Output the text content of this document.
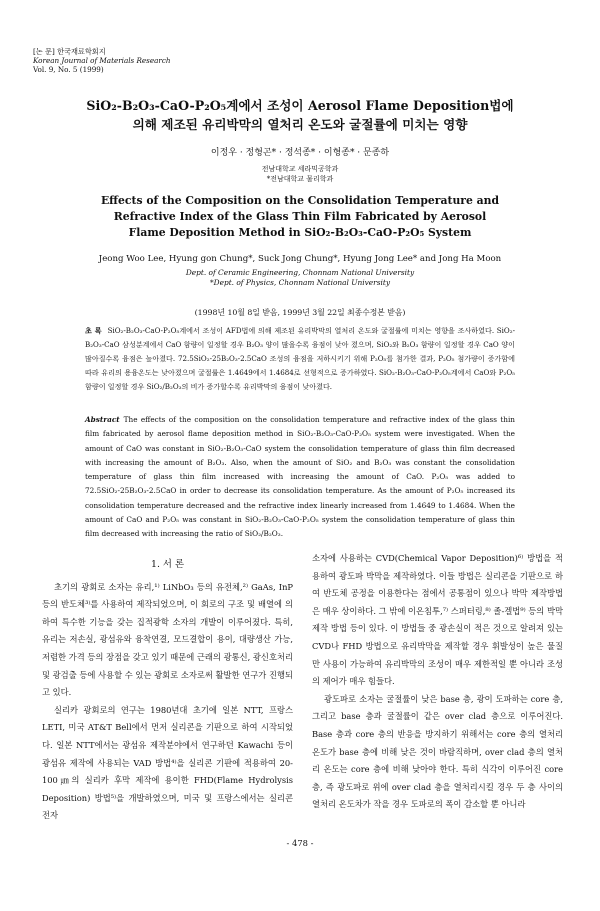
[논 문] 한국재료학회지
Korean Journal of Materials Research
Vol. 9, No. 5 (1999)
SiO₂-B₂O₃-CaO-P₂O₅계에서 조성이 Aerosol Flame Deposition법에
의해 제조된 유리박막의 열처리 온도와 굴절률에 미치는 영향
이정우 · 정형곤* · 정석종* · 이형종* · 문종하
전남대학교 세라믹공학과
*전남대학교 물리학과
Effects of the Composition on the Consolidation Temperature and
Refractive Index of the Glass Thin Film Fabricated by Aerosol
Flame Deposition Method in SiO₂-B₂O₃-CaO-P₂O₅ System
Jeong Woo Lee, Hyung gon Chung*, Suck Jong Chung*, Hyung Jong Lee* and Jong Ha Moon
Dept. of Ceramic Engineering, Chonnam National University
*Dept. of Physics, Chonnam National University
(1998년 10월 8일 받음, 1999년 3월 22일 최종수정본 받음)
초 록 SiO₂-B₂O₃-CaO-P₂O₅계에서 조성이 AFD법에 의해 제조된 유리박막의 열처리 온도와 굴절률에 미치는 영향을 조사하였다. SiO₂-B₂O₃-CaO 삼성분계에서 CaO 함량이 일정할 경우 B₂O₃ 양이 많을수록 융점이 낮아 졌으며, SiO₂와 B₂O₃ 함량이 일정할 경우 CaO 양이 많아질수록 융점은 높아졌다. 72.5SiO₂-25B₂O₃-2.5CaO 조성의 융점을 저하시키기 위해 P₂O₅를 첨가한 결과, P₂O₅ 첨가량이 증가함에 따라 유리의 용융온도는 낮아졌으며 굴절률은 1.4649에서 1.4684로 선형적으로 증가하였다. SiO₂-B₂O₃-CaO-P₂O₅계에서 CaO와 P₂O₅ 함량이 일정할 경우 SiO₂/B₂O₃의 비가 증가할수록 유리박막의 융점이 낮아졌다.
Abstract The effects of the composition on the consolidation temperature and refractive index of the glass thin film fabricated by aerosol flame deposition method in SiO₂-B₂O₃-CaO-P₂O₅ system were investigated. When the amount of CaO was constant in SiO₂-B₂O₃-CaO system the consolidation temperature of glass thin film decreased with increasing the amount of B₂O₃. Also, when the amount of SiO₂ and B₂O₃ was constant the consolidation temperature of glass thin film increased with increasing the amount of CaO. P₂O₅ was added to 72.5SiO₂-25B₂O₃-2.5CaO in order to decrease its consolidation temperature. As the amount of P₂O₅ increased its consolidation temperature decreased and the refractive index linearly increased from 1.4649 to 1.4684. When the amount of CaO and P₂O₅ was constant in SiO₂-B₂O₃-CaO-P₂O₅ system the consolidation temperature of glass thin film decreased with increasing the ratio of SiO₂/B₂O₃.
1. 서 론

초기의 광회로 소자는 유리,¹⁾ LiNbO₃ 등의 유전체,²⁾ GaAs, InP 등의 반도체³⁾를 사용하여 제작되었으며, 이 회로의 구조 및 배열에 의하여 특수한 기능을 갖는 집적광학 소자의 개발이 이루어졌다. 특히, 유리는 저손실, 광섬유와 융착연결, 모드결합이 용이, 대량생산 가능, 저렴한 가격 등의 장점을 갖고 있기 때문에 근래의 광통신, 광신호처리 및 광검출 등에 사용할 수 있는 광회로 소자로써 활발한 연구가 진행되고 있다.

실리카 광회로의 연구는 1980년대 초기에 일본 NTT, 프랑스 LETI, 미국 AT&T Bell에서 먼저 실리콘을 기판으로 하여 시작되었다. 일본 NTT에서는 광섬유 제작분야에서 연구하던 Kawachi 등이 광섬유 제작에 사용되는 VAD 방법⁴⁾을 실리콘 기판에 적용하여 20-100㎛의 실리카 후막 제작에 용이한 FHD(Flame Hydrolysis Deposition) 방법⁵⁾을 개발하였으며, 미국 및 프랑스에서는 실리콘 전자

소자에 사용하는 CVD(Chemical Vapor Deposition)⁶⁾ 방법을 적용하여 광도파 박막을 제작하였다. 이들 방법은 실리콘을 기판으로 하여 반도체 공정을 이용한다는 점에서 공통점이 있으나 박막 제작방법은 매우 상이하다. 그 밖에 이온침투,⁷⁾ 스퍼터링,⁸⁾ 졸-겔법⁹⁾ 등의 박막제작 방법 등이 있다. 이 방법들 중 광손실이 적은 것으로 알려져 있는 CVD나 FHD 방법으로 유리박막을 제작할 경우 휘발성이 높은 물질만 사용이 가능하여 유리박막의 조성이 매우 제한적일 뿐 아니라 조성의 제어가 매우 힘들다.

광도파로 소자는 굴절률이 낮은 base 층, 광이 도파하는 core 층, 그리고 base 층과 굴절률이 같은 over clad 층으로 이루어진다. Base 층과 core 층의 반응을 방지하기 위해서는 core 층의 열처리 온도가 base 층에 비해 낮은 것이 바람직하며, over clad 층의 열처리 온도는 core 층에 비해 낮아야 한다. 특히 식각이 이루어진 core 층, 즉 광도파로 위에 over clad 층을 열처리시킬 경우 두 층 사이의 열처리 온도차가 작을 경우 도파로의 폭이 감소할 뿐 아니라

- 478 -
